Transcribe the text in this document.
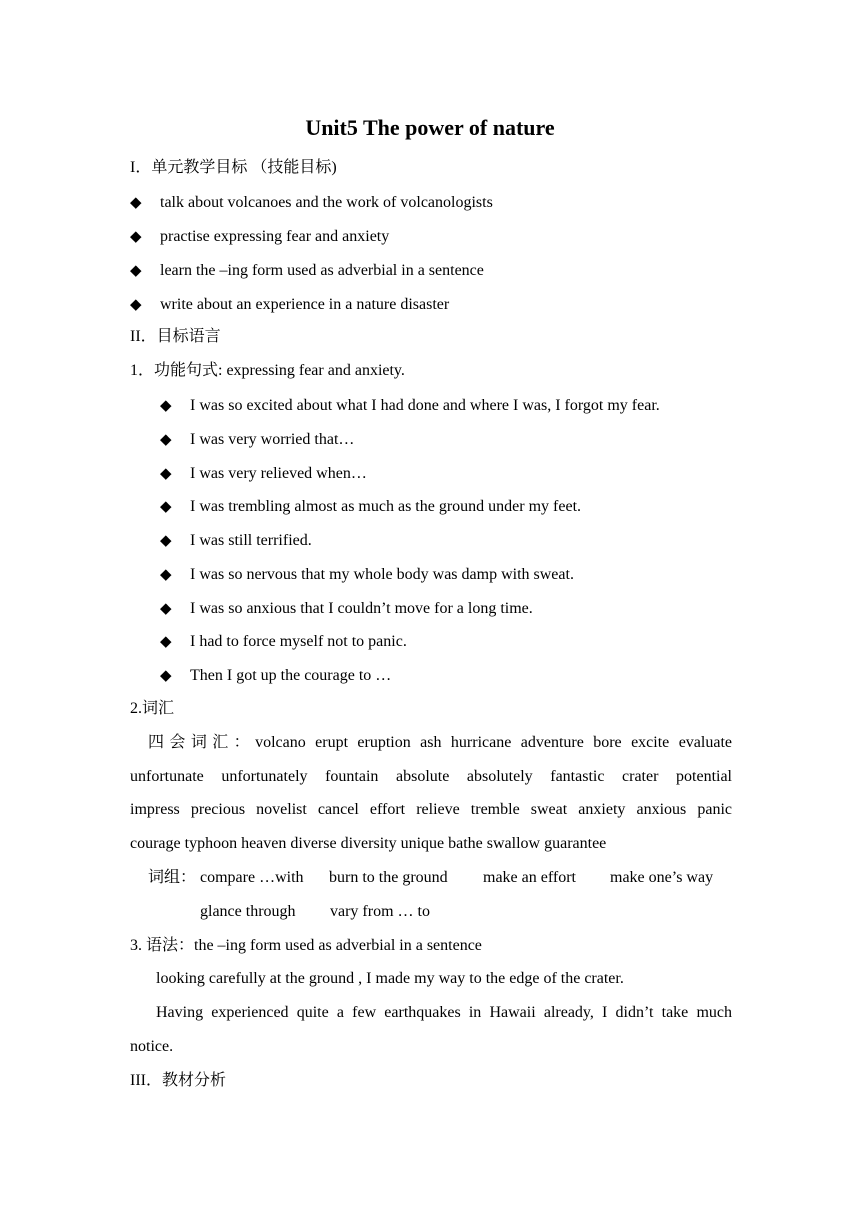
Unit5 The power of nature
I．单元教学目标 （技能目标)
◆ talk about volcanoes and the work of volcanologists
◆ practise expressing fear and anxiety
◆ learn the –ing form used as adverbial in a sentence
◆ write about an experience in a nature disaster
II．目标语言
1．功能句式: expressing fear and anxiety.
◆ I was so excited about what I had done and where I was, I forgot my fear.
◆ I was very worried that…
◆ I was very relieved when…
◆ I was trembling almost as much as the ground under my feet.
◆ I was still terrified.
◆ I was so nervous that my whole body was damp with sweat.
◆ I was so anxious that I couldn’t move for a long time.
◆ I had to force myself not to panic.
◆ Then I got up the courage to …
2.词汇
四会词汇：volcano erupt eruption ash hurricane adventure bore excite evaluate
unfortunate unfortunately fountain absolute absolutely fantastic crater potential
impress precious novelist cancel effort relieve tremble sweat anxiety anxious panic
courage typhoon heaven diverse diversity unique bathe swallow guarantee
词组： compare …with burn to the ground make an effort make one’s way
glance through vary from … to
3. 语法：the –ing form used as adverbial in a sentence
looking carefully at the ground , I made my way to the edge of the crater.
Having experienced quite a few earthquakes in Hawaii already, I didn’t take much
notice.
III．教材分析
